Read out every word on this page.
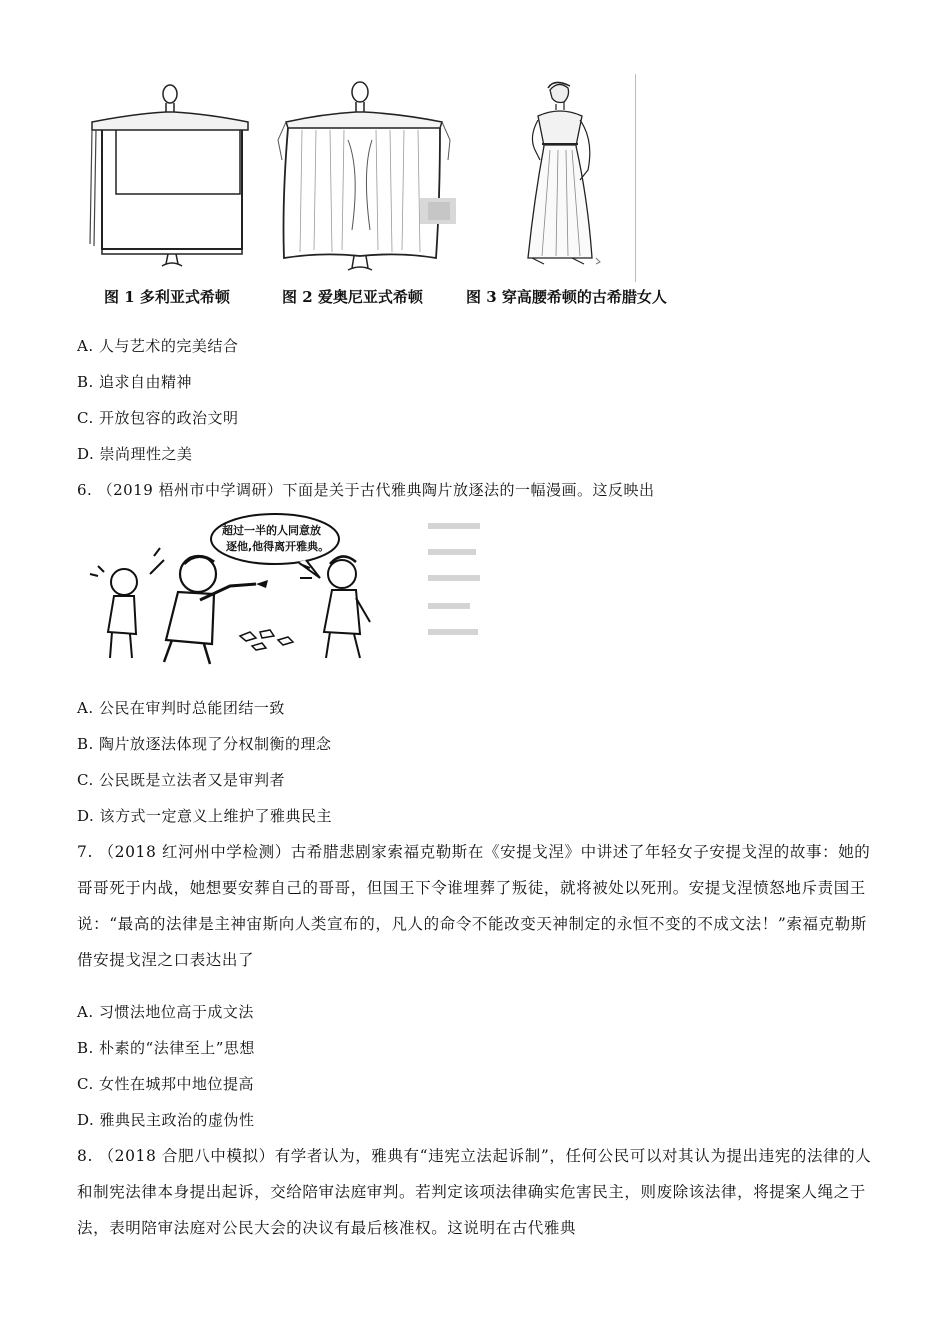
图 1 多利亚式希顿	图 2 爱奥尼亚式希顿	图 3 穿高腰希顿的古希腊女人
A. 人与艺术的完美结合
B. 追求自由精神
C. 开放包容的政治文明
D. 崇尚理性之美
6. （2019 梧州市中学调研）下面是关于古代雅典陶片放逐法的一幅漫画。这反映出
超过一半的人同意放
逐他,他得离开雅典。
A. 公民在审判时总能团结一致
B. 陶片放逐法体现了分权制衡的理念
C. 公民既是立法者又是审判者
D. 该方式一定意义上维护了雅典民主
7. （2018 红河州中学检测）古希腊悲剧家索福克勒斯在《安提戈涅》中讲述了年轻女子安提戈涅的故事：她的哥哥死于内战，她想要安葬自己的哥哥，但国王下令谁埋葬了叛徒，就将被处以死刑。安提戈涅愤怒地斥责国王说：“最高的法律是主神宙斯向人类宣布的，凡人的命令不能改变天神制定的永恒不变的不成文法！”索福克勒斯借安提戈涅之口表达出了
A. 习惯法地位高于成文法
B. 朴素的“法律至上”思想
C. 女性在城邦中地位提高
D. 雅典民主政治的虚伪性
8. （2018 合肥八中模拟）有学者认为，雅典有“违宪立法起诉制”，任何公民可以对其认为提出违宪的法律的人和制宪法律本身提出起诉，交给陪审法庭审判。若判定该项法律确实危害民主，则废除该法律，将提案人绳之于法，表明陪审法庭对公民大会的决议有最后核准权。这说明在古代雅典
